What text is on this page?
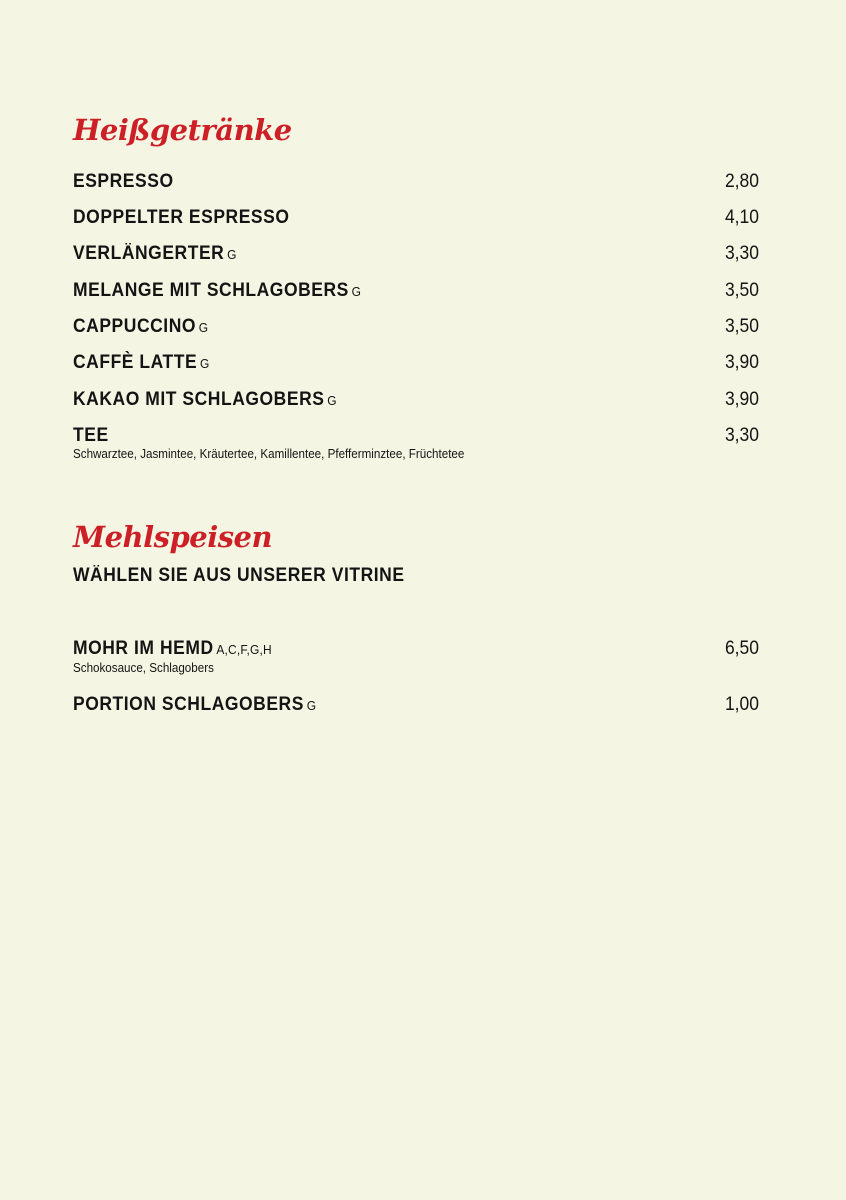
Heißgetränke
ESPRESSO	2,80
DOPPELTER ESPRESSO	4,10
VERLÄNGERTER G	3,30
MELANGE MIT SCHLAGOBERS G	3,50
CAPPUCCINO G	3,50
CAFFÈ LATTE G	3,90
KAKAO MIT SCHLAGOBERS G	3,90
TEE	3,30
Schwarztee, Jasmintee, Kräutertee, Kamillentee, Pfefferminztee, Früchtetee
Mehlspeisen
WÄHLEN SIE AUS UNSERER VITRINE
MOHR IM HEMD A,C,F,G,H	6,50
Schokosauce, Schlagobers
PORTION SCHLAGOBERS G	1,00
